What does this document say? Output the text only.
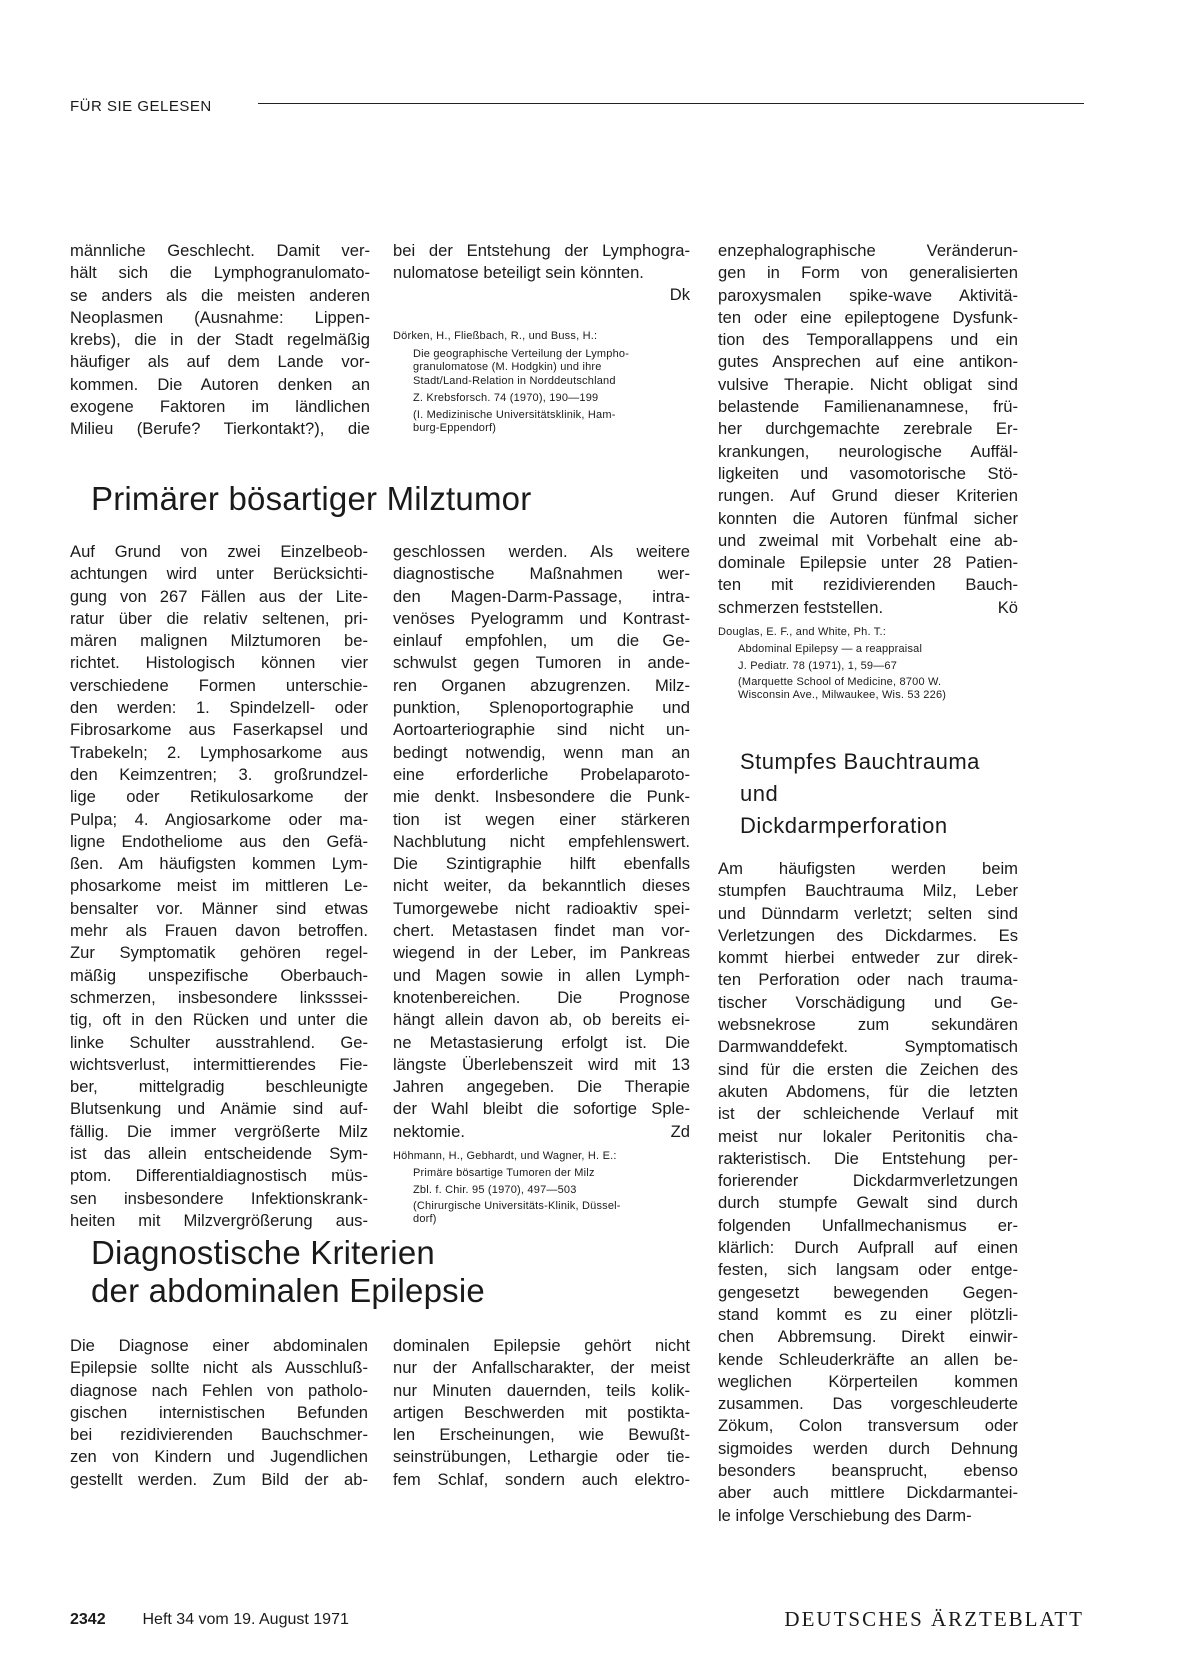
FÜR SIE GELESEN
männliche Geschlecht. Damit ver-
hält sich die Lymphogranulomato-
se anders als die meisten anderen
Neoplasmen (Ausnahme: Lippen-
krebs), die in der Stadt regelmäßig
häufiger als auf dem Lande vor-
kommen. Die Autoren denken an
exogene Faktoren im ländlichen
Milieu (Berufe? Tierkontakt?), die
bei der Entstehung der Lymphogra-
nulomatose beteiligt sein könnten.
Dk
Dörken, H., Fließbach, R., und Buss, H.:
Die geographische Verteilung der Lympho-
granulomatose (M. Hodgkin) und ihre
Stadt/Land-Relation in Norddeutschland
Z. Krebsforsch. 74 (1970), 190—199
(I. Medizinische Universitätsklinik, Ham-
burg-Eppendorf)
Primärer bösartiger Milztumor
Auf Grund von zwei Einzelbeob-
achtungen wird unter Berücksichti-
gung von 267 Fällen aus der Lite-
ratur über die relativ seltenen, pri-
mären malignen Milztumoren be-
richtet. Histologisch können vier
verschiedene Formen unterschie-
den werden: 1. Spindelzell- oder
Fibrosarkome aus Faserkapsel und
Trabekeln; 2. Lymphosarkome aus
den Keimzentren; 3. großrundzel-
lige oder Retikulosarkome der
Pulpa; 4. Angiosarkome oder ma-
ligne Endotheliome aus den Gefä-
ßen. Am häufigsten kommen Lym-
phosarkome meist im mittleren Le-
bensalter vor. Männer sind etwas
mehr als Frauen davon betroffen.
Zur Symptomatik gehören regel-
mäßig unspezifische Oberbauch-
schmerzen, insbesondere linksssei-
tig, oft in den Rücken und unter die
linke Schulter ausstrahlend. Ge-
wichtsverlust, intermittierendes Fie-
ber, mittelgradig beschleunigte
Blutsenkung und Anämie sind auf-
fällig. Die immer vergrößerte Milz
ist das allein entscheidende Sym-
ptom. Differentialdiagnostisch müs-
sen insbesondere Infektionskrank-
heiten mit Milzvergrößerung aus-
geschlossen werden. Als weitere
diagnostische Maßnahmen wer-
den Magen-Darm-Passage, intra-
venöses Pyelogramm und Kontrast-
einlauf empfohlen, um die Ge-
schwulst gegen Tumoren in ande-
ren Organen abzugrenzen. Milz-
punktion, Splenoportographie und
Aortoarteriographie sind nicht un-
bedingt notwendig, wenn man an
eine erforderliche Probelaparoto-
mie denkt. Insbesondere die Punk-
tion ist wegen einer stärkeren
Nachblutung nicht empfehlenswert.
Die Szintigraphie hilft ebenfalls
nicht weiter, da bekanntlich dieses
Tumorgewebe nicht radioaktiv spei-
chert. Metastasen findet man vor-
wiegend in der Leber, im Pankreas
und Magen sowie in allen Lymph-
knotenbereichen. Die Prognose
hängt allein davon ab, ob bereits ei-
ne Metastasierung erfolgt ist. Die
längste Überlebenszeit wird mit 13
Jahren angegeben. Die Therapie
der Wahl bleibt die sofortige Sple-
nektomie.	Zd
Höhmann, H., Gebhardt, und Wagner, H. E.:
Primäre bösartige Tumoren der Milz
Zbl. f. Chir. 95 (1970), 497—503
(Chirurgische Universitäts-Klinik, Düssel-
dorf)
Diagnostische Kriterien
der abdominalen Epilepsie
Die Diagnose einer abdominalen
Epilepsie sollte nicht als Ausschluß-
diagnose nach Fehlen von patholo-
gischen internistischen Befunden
bei rezidivierenden Bauchschmer-
zen von Kindern und Jugendlichen
gestellt werden. Zum Bild der ab-
dominalen Epilepsie gehört nicht
nur der Anfallscharakter, der meist
nur Minuten dauernden, teils kolik-
artigen Beschwerden mit postikta-
len Erscheinungen, wie Bewußt-
seinstrübungen, Lethargie oder tie-
fem Schlaf, sondern auch elektro-
enzephalographische Veränderun-
gen in Form von generalisierten
paroxysmalen spike-wave Aktivitä-
ten oder eine epileptogene Dysfunk-
tion des Temporallappens und ein
gutes Ansprechen auf eine antikon-
vulsive Therapie. Nicht obligat sind
belastende Familienanamnese, frü-
her durchgemachte zerebrale Er-
krankungen, neurologische Auffäl-
ligkeiten und vasomotorische Stö-
rungen. Auf Grund dieser Kriterien
konnten die Autoren fünfmal sicher
und zweimal mit Vorbehalt eine ab-
dominale Epilepsie unter 28 Patien-
ten mit rezidivierenden Bauch-
schmerzen feststellen.	Kö
Douglas, E. F., and White, Ph. T.:
Abdominal Epilepsy — a reappraisal
J. Pediatr. 78 (1971), 1, 59—67
(Marquette School of Medicine, 8700 W.
Wisconsin Ave., Milwaukee, Wis. 53 226)
Stumpfes Bauchtrauma
und
Dickdarmperforation
Am häufigsten werden beim
stumpfen Bauchtrauma Milz, Leber
und Dünndarm verletzt; selten sind
Verletzungen des Dickdarmes. Es
kommt hierbei entweder zur direk-
ten Perforation oder nach trauma-
tischer Vorschädigung und Ge-
websnekrose zum sekundären
Darmwanddefekt. Symptomatisch
sind für die ersten die Zeichen des
akuten Abdomens, für die letzten
ist der schleichende Verlauf mit
meist nur lokaler Peritonitis cha-
rakteristisch. Die Entstehung per-
forierender Dickdarmverletzungen
durch stumpfe Gewalt sind durch
folgenden Unfallmechanismus er-
klärlich: Durch Aufprall auf einen
festen, sich langsam oder entge-
gengesetzt bewegenden Gegen-
stand kommt es zu einer plötzli-
chen Abbremsung. Direkt einwir-
kende Schleuderkräfte an allen be-
weglichen Körperteilen kommen
zusammen. Das vorgeschleuderte
Zökum, Colon transversum oder
sigmoides werden durch Dehnung
besonders beansprucht, ebenso
aber auch mittlere Dickdarmantei-
le infolge Verschiebung des Darm-
2342 Heft 34 vom 19. August 1971	DEUTSCHES ÄRZTEBLATT
